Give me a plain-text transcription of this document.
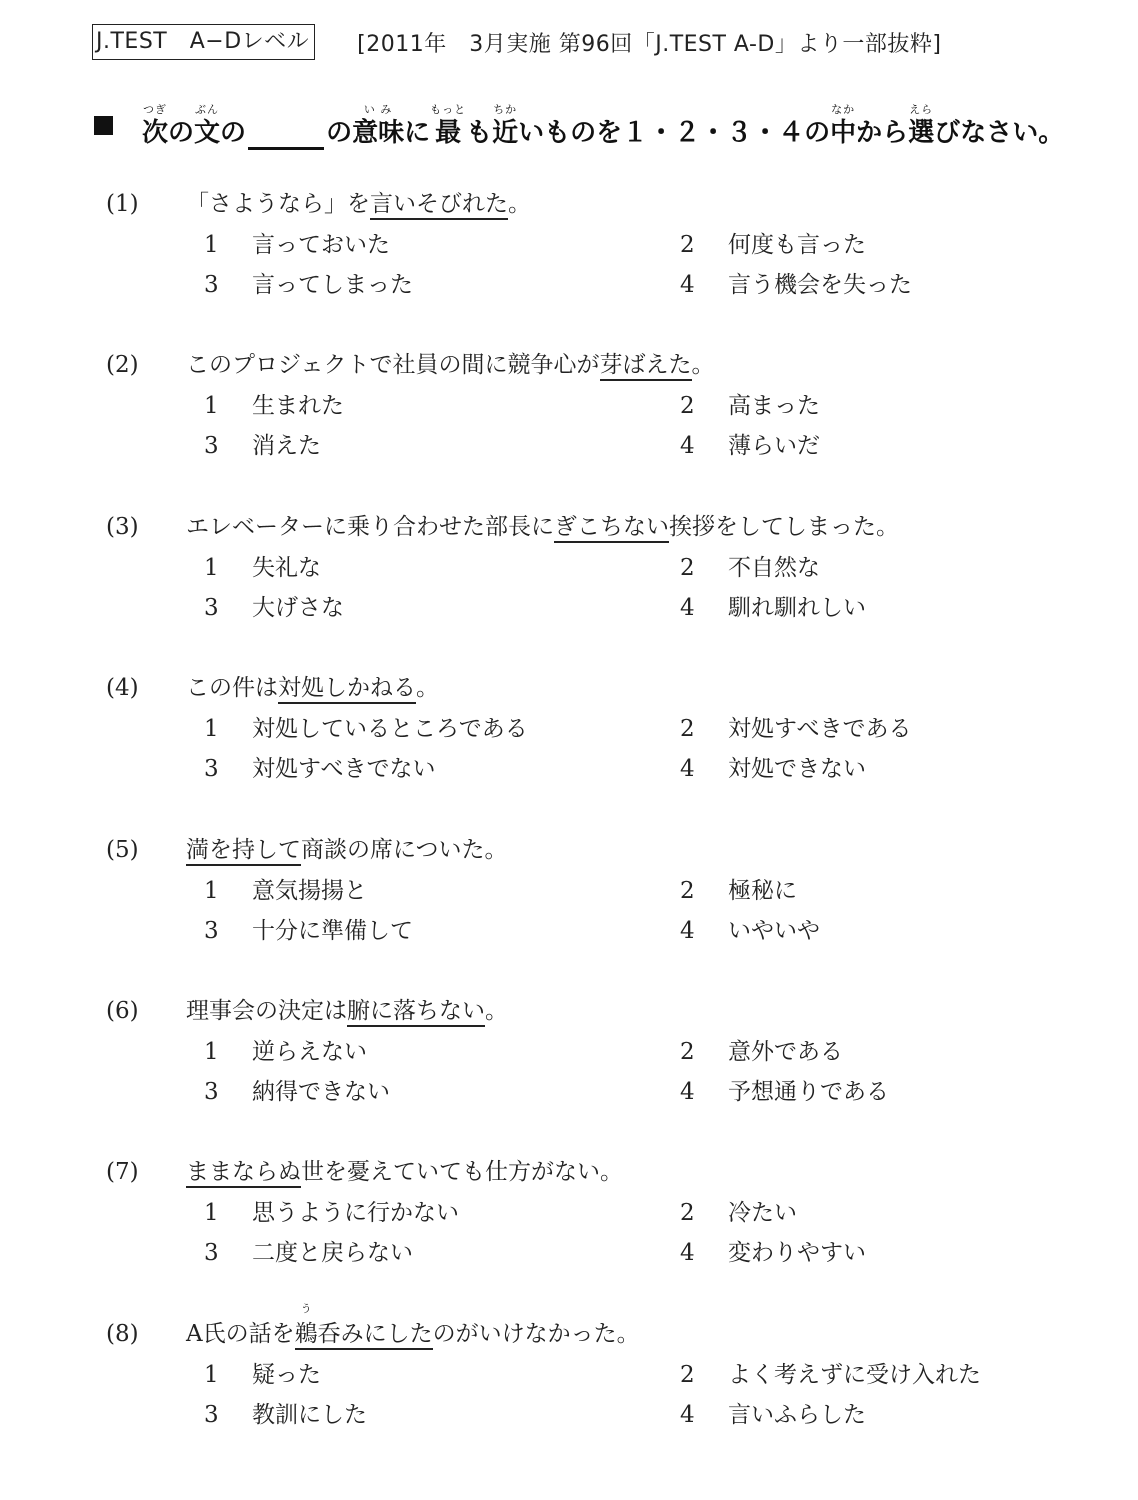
J.TEST　A−Dレベル [2011年　3月実施 第96回「J.TEST A-D」より一部抜粋]
つぎ
次 の
ぶん
文 の	の
い み
意味 に
もっと
最 も
ちか
近 いものを１・２・３・４の
なか
中 から
えら
選 びなさい。
(1) 「さようなら」を言いそびれた。
1 言っておいた	2 何度も言った
3 言ってしまった	4 言う機会を失った
(2) このプロジェクトで社員の間に競争心が芽ばえた。
1 生まれた	2 高まった
3 消えた	4 薄らいだ
(3) エレベーターに乗り合わせた部長にぎこちない挨拶をしてしまった。
1 失礼な	2 不自然な
3 大げさな	4 馴れ馴れしい
(4) この件は対処しかねる。
1 対処しているところである	2 対処すべきである
3 対処すべきでない	4 対処できない
(5) 満を持して商談の席についた。
1 意気揚揚と	2 極秘に
3 十分に準備して	4 いやいや
(6) 理事会の決定は腑に落ちない。
1 逆らえない	2 意外である
3 納得できない	4 予想通りである
(7) ままならぬ世を憂えていても仕方がない。
1 思うように行かない	2 冷たい
3 二度と戻らない	4 変わりやすい
(8) A氏の話を
う
鵜呑みにしたのがいけなかった。
1 疑った	2 よく考えずに受け入れた
3 教訓にした	4 言いふらした
